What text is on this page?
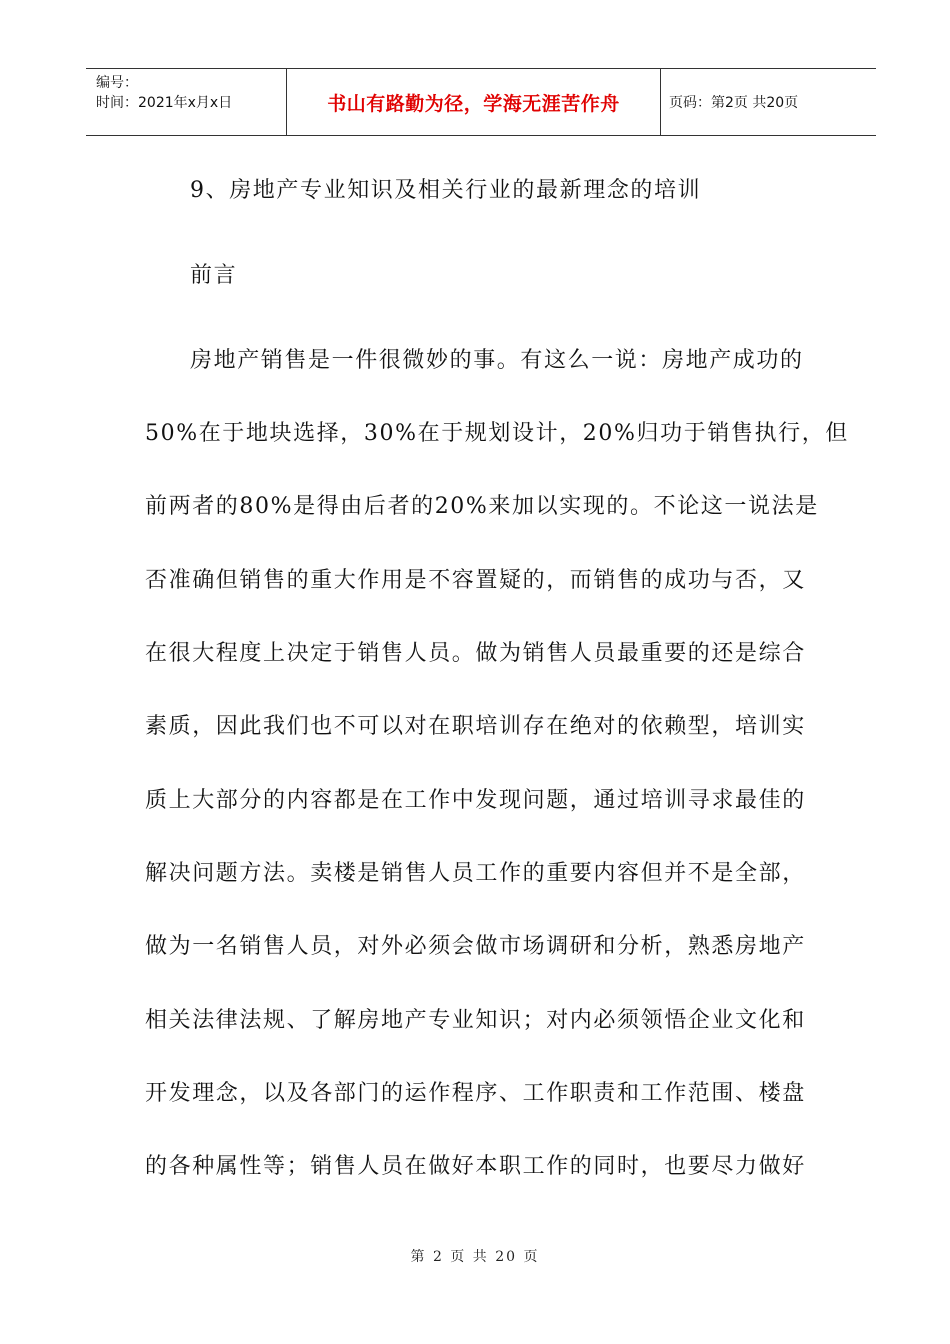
编号：
时间：2021年x月x日	书山有路勤为径，学海无涯苦作舟	页码：第2页 共20页
9、房地产专业知识及相关行业的最新理念的培训
前言
房地产销售是一件很微妙的事。有这么一说：房地产成功的
50%在于地块选择，30%在于规划设计，20%归功于销售执行，但
前两者的80%是得由后者的20%来加以实现的。不论这一说法是
否准确但销售的重大作用是不容置疑的，而销售的成功与否，又
在很大程度上决定于销售人员。做为销售人员最重要的还是综合
素质，因此我们也不可以对在职培训存在绝对的依赖型，培训实
质上大部分的内容都是在工作中发现问题，通过培训寻求最佳的
解决问题方法。卖楼是销售人员工作的重要内容但并不是全部，
做为一名销售人员，对外必须会做市场调研和分析，熟悉房地产
相关法律法规、了解房地产专业知识；对内必须领悟企业文化和
开发理念，以及各部门的运作程序、工作职责和工作范围、楼盘
的各种属性等；销售人员在做好本职工作的同时，也要尽力做好
第 2 页 共 20 页
